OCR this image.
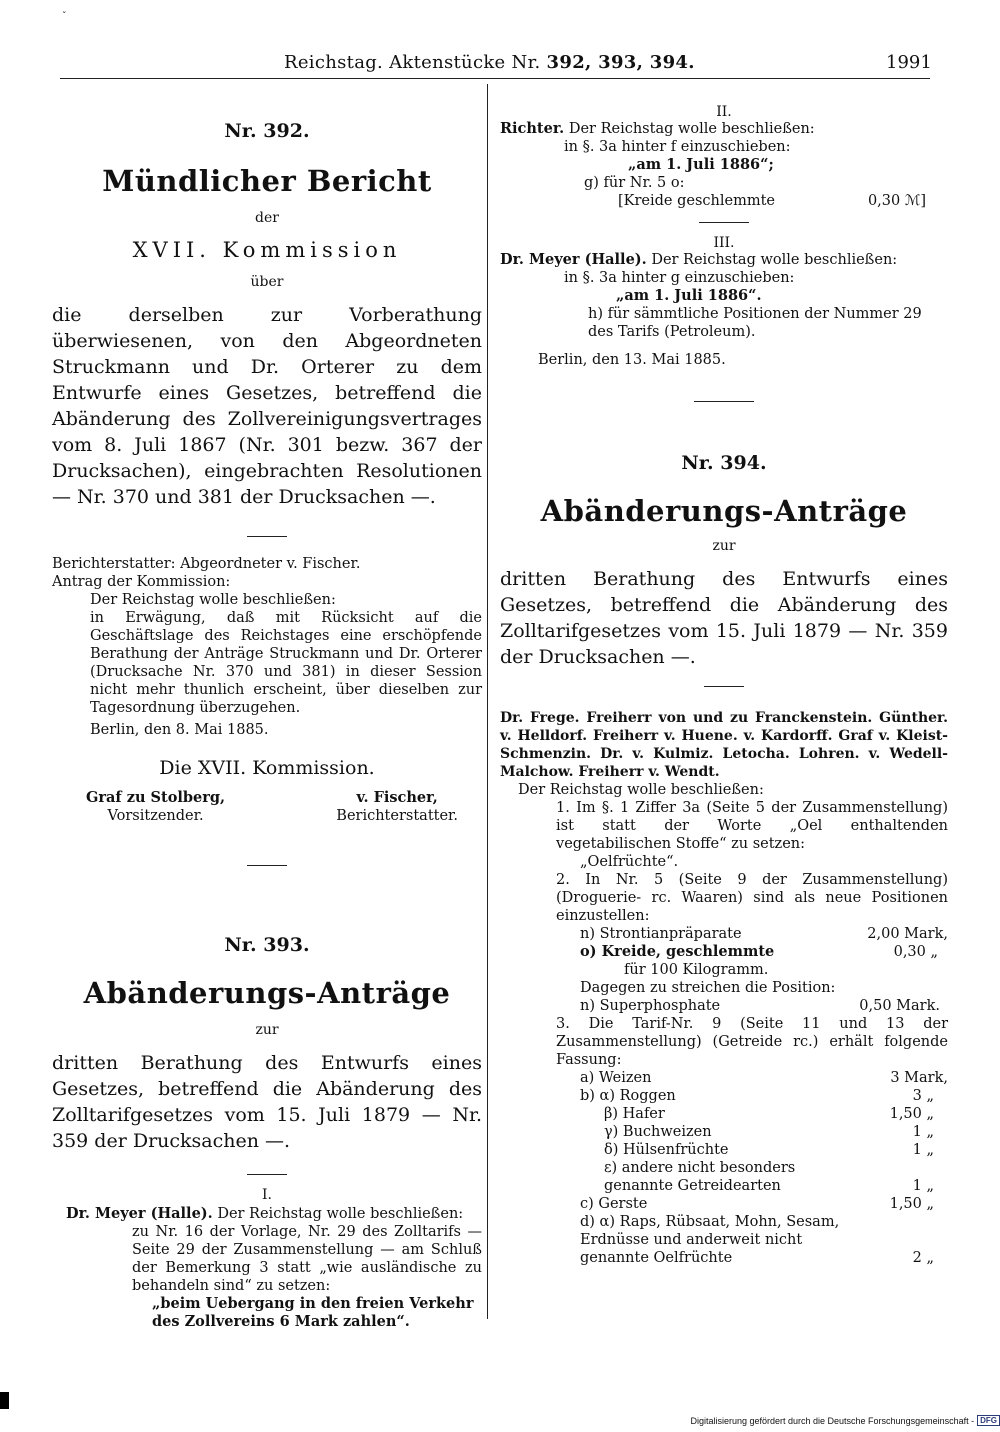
ˇ
Reichstag. Aktenstücke Nr. 392, 393, 394.	1991
Nr. 392.
Mündlicher Bericht
der
XVII. Kommission
über
die derselben zur Vorberathung überwiesenen, von den Abgeordneten Struckmann und Dr. Orterer zu dem Entwurfe eines Gesetzes, betreffend die Abänderung des Zollvereinigungsvertrages vom 8. Juli 1867 (Nr. 301 bezw. 367 der Drucksachen), eingebrachten Resolutionen — Nr. 370 und 381 der Drucksachen —.
Berichterstatter: Abgeordneter v. Fischer.
Antrag der Kommission:
Der Reichstag wolle beschließen:
in Erwägung, daß mit Rücksicht auf die Geschäftslage des Reichstages eine erschöpfende Berathung der Anträge Struckmann und Dr. Orterer (Drucksache Nr. 370 und 381) in dieser Session nicht mehr thunlich erscheint, über dieselben zur Tagesordnung überzugehen.
Berlin, den 8. Mai 1885.
Die XVII. Kommission.
Graf zu Stolberg,
Vorsitzender.
v. Fischer,
Berichterstatter.
Nr. 393.
Abänderungs-Anträge
zur
dritten Berathung des Entwurfs eines Gesetzes, betreffend die Abänderung des Zolltarifgesetzes vom 15. Juli 1879 — Nr. 359 der Drucksachen —.
I.
Dr. Meyer (Halle). Der Reichstag wolle beschließen:
zu Nr. 16 der Vorlage, Nr. 29 des Zolltarifs — Seite 29 der Zusammenstellung — am Schluß der Bemerkung 3 statt „wie ausländische zu behandeln sind“ zu setzen:
„beim Uebergang in den freien Verkehr des Zollvereins 6 Mark zahlen“.
II.
Richter. Der Reichstag wolle beschließen:
in §. 3a hinter f einzuschieben:
„am 1. Juli 1886“;
g) für Nr. 5 o:
[Kreide geschlemmte	0,30 ℳ]
III.
Dr. Meyer (Halle). Der Reichstag wolle beschließen:
in §. 3a hinter g einzuschieben:
„am 1. Juli 1886“.
h) für sämmtliche Positionen der Nummer 29 des Tarifs (Petroleum).
Berlin, den 13. Mai 1885.
Nr. 394.
Abänderungs-Anträge
zur
dritten Berathung des Entwurfs eines Gesetzes, betreffend die Abänderung des Zolltarifgesetzes vom 15. Juli 1879 — Nr. 359 der Drucksachen —.
Dr. Frege. Freiherr von und zu Franckenstein. Günther. v. Helldorf. Freiherr v. Huene. v. Kardorff. Graf v. Kleist-Schmenzin. Dr. v. Kulmiz. Letocha. Lohren. v. Wedell-Malchow. Freiherr v. Wendt.
Der Reichstag wolle beschließen:
1. Im §. 1 Ziffer 3a (Seite 5 der Zusammenstellung) ist statt der Worte „Oel enthaltenden vegetabilischen Stoffe“ zu setzen:
„Oelfrüchte“.
2. In Nr. 5 (Seite 9 der Zusammenstellung) (Droguerie- rc. Waaren) sind als neue Positionen einzustellen:
n) Strontianpräparate	2,00 Mark,
o) Kreide, geschlemmte	0,30 „
für 100 Kilogramm.
Dagegen zu streichen die Position:
n) Superphosphate	0,50 Mark.
3. Die Tarif-Nr. 9 (Seite 11 und 13 der Zusammenstellung) (Getreide rc.) erhält folgende Fassung:
a) Weizen	3 Mark,
b) α) Roggen	3 „
β) Hafer	1,50 „
γ) Buchweizen	1 „
δ) Hülsenfrüchte	1 „
ε) andere nicht besonders genannte Getreidearten	1 „
c) Gerste	1,50 „
d) α) Raps, Rübsaat, Mohn, Sesam, Erdnüsse und anderweit nicht genannte Oelfrüchte	2 „
Digitalisierung gefördert durch die Deutsche Forschungsgemeinschaft - DFG
